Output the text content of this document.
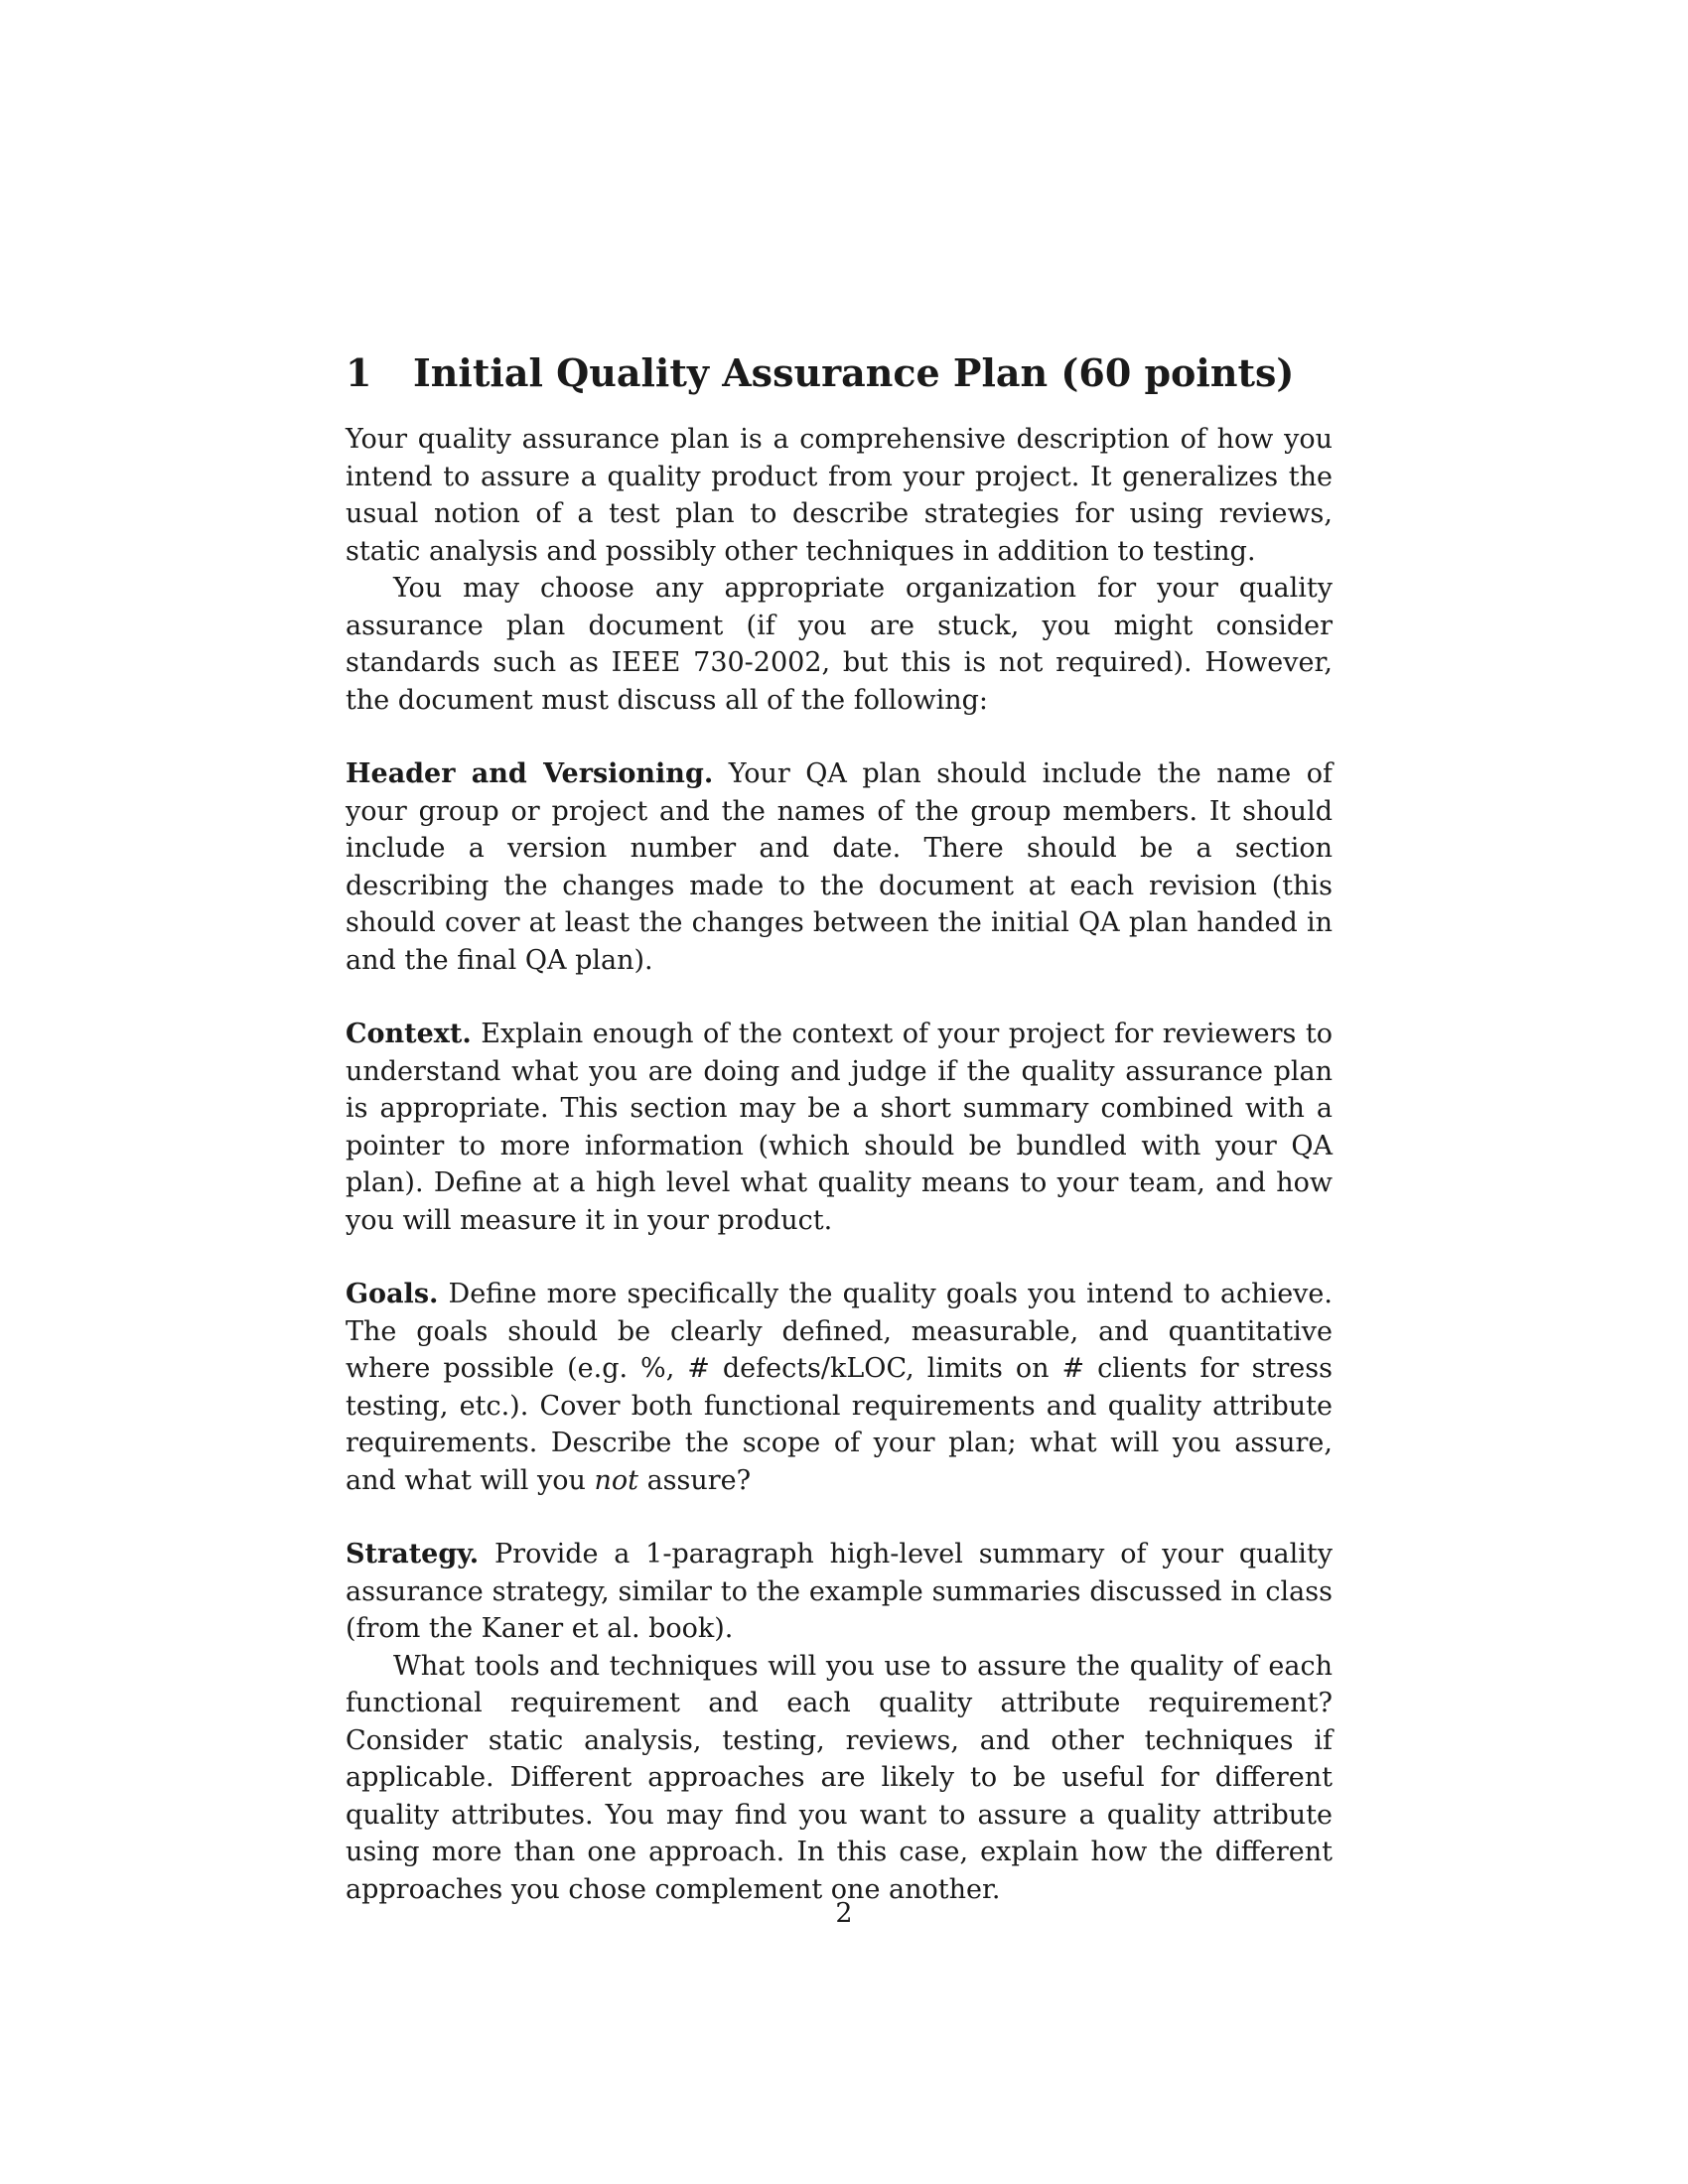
1	Initial Quality Assurance Plan (60 points)

Your quality assurance plan is a comprehensive description of how you intend to assure a quality product from your project. It generalizes the usual notion of a test plan to describe strategies for using reviews, static analysis and possibly other techniques in addition to testing.

You may choose any appropriate organization for your quality assurance plan document (if you are stuck, you might consider standards such as IEEE 730-2002, but this is not required). However, the document must discuss all of the following:

Header and Versioning. Your QA plan should include the name of your group or project and the names of the group members. It should include a version number and date. There should be a section describing the changes made to the document at each revision (this should cover at least the changes between the initial QA plan handed in and the final QA plan).

Context. Explain enough of the context of your project for reviewers to understand what you are doing and judge if the quality assurance plan is appropriate. This section may be a short summary combined with a pointer to more information (which should be bundled with your QA plan). Define at a high level what quality means to your team, and how you will measure it in your product.

Goals. Define more specifically the quality goals you intend to achieve. The goals should be clearly defined, measurable, and quantitative where possible (e.g. %, # defects/kLOC, limits on # clients for stress testing, etc.). Cover both functional requirements and quality attribute requirements. Describe the scope of your plan; what will you assure, and what will you not assure?

Strategy. Provide a 1-paragraph high-level summary of your quality assurance strategy, similar to the example summaries discussed in class (from the Kaner et al. book).

What tools and techniques will you use to assure the quality of each functional requirement and each quality attribute requirement? Consider static analysis, testing, reviews, and other techniques if applicable. Different approaches are likely to be useful for different quality attributes. You may find you want to assure a quality attribute using more than one approach. In this case, explain how the different approaches you chose complement one another.

2
